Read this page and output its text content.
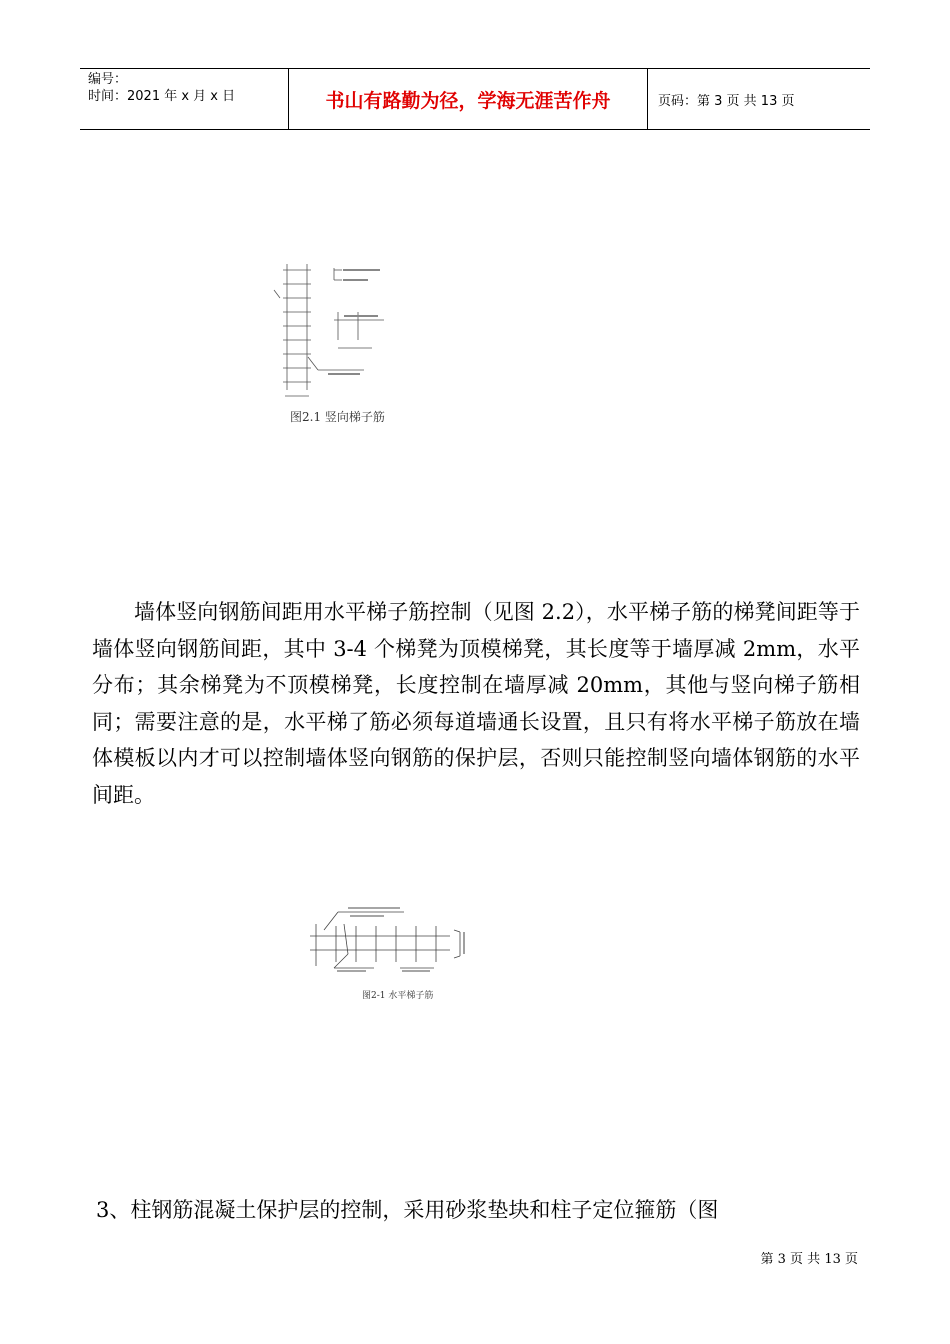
编号：
时间：2021 年 x 月 x 日	书山有路勤为径，学海无涯苦作舟	页码：第 3 页 共 13 页
图2.1 竖向梯子筋

墙体竖向钢筋间距用水平梯子筋控制（见图 2.2），水平梯子筋的梯凳间距等于墙体竖向钢筋间距，其中 3-4 个梯凳为顶模梯凳，其长度等于墙厚减 2mm，水平分布；其余梯凳为不顶模梯凳，长度控制在墙厚减 20mm，其他与竖向梯子筋相同；需要注意的是，水平梯了筋必须每道墙通长设置，且只有将水平梯子筋放在墙体模板以内才可以控制墙体竖向钢筋的保护层，否则只能控制竖向墙体钢筋的水平间距。

图2-1 水平梯子筋
3、柱钢筋混凝土保护层的控制，采用砂浆垫块和柱子定位箍筋（图
第 3 页 共 13 页
